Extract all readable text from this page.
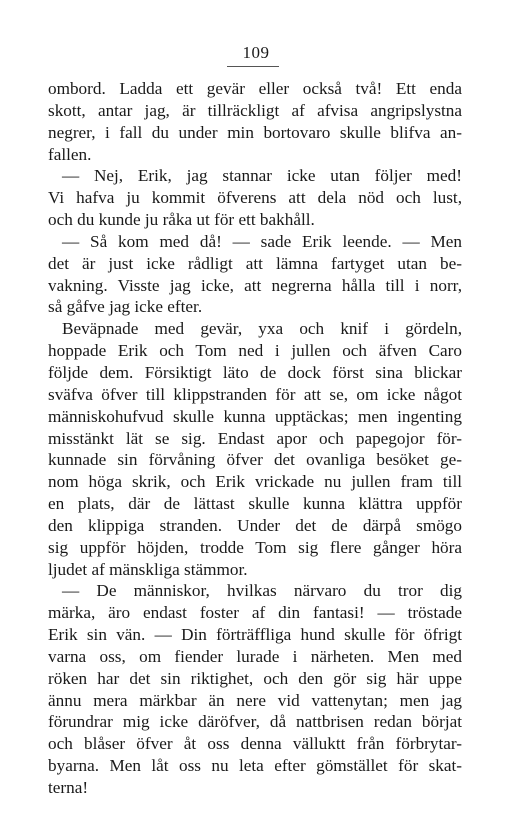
109
ombord. Ladda ett gevär eller också två! Ett enda
skott, antar jag, är tillräckligt af afvisa angripslystna
negrer, i fall du under min bortovaro skulle blifva an-
fallen.
— Nej, Erik, jag stannar icke utan följer med!
Vi hafva ju kommit öfverens att dela nöd och lust,
och du kunde ju råka ut för ett bakhåll.
— Så kom med då! — sade Erik leende. — Men
det är just icke rådligt att lämna fartyget utan be-
vakning. Visste jag icke, att negrerna hålla till i norr,
så gåfve jag icke efter.
Beväpnade med gevär, yxa och knif i gördeln,
hoppade Erik och Tom ned i jullen och äfven Caro
följde dem. Försiktigt läto de dock först sina blickar
sväfva öfver till klippstranden för att se, om icke något
människohufvud skulle kunna upptäckas; men ingenting
misstänkt lät se sig. Endast apor och papegojor för-
kunnade sin förvåning öfver det ovanliga besöket ge-
nom höga skrik, och Erik vrickade nu jullen fram till
en plats, där de lättast skulle kunna klättra uppför
den klippiga stranden. Under det de därpå smögo
sig uppför höjden, trodde Tom sig flere gånger höra
ljudet af mänskliga stämmor.
— De människor, hvilkas närvaro du tror dig
märka, äro endast foster af din fantasi! — tröstade
Erik sin vän. — Din förträffliga hund skulle för öfrigt
varna oss, om fiender lurade i närheten. Men med
röken har det sin riktighet, och den gör sig här uppe
ännu mera märkbar än nere vid vattenytan; men jag
förundrar mig icke däröfver, då nattbrisen redan börjat
och blåser öfver åt oss denna välluktt från förbrytar-
byarna. Men låt oss nu leta efter gömstället för skat-
terna!
